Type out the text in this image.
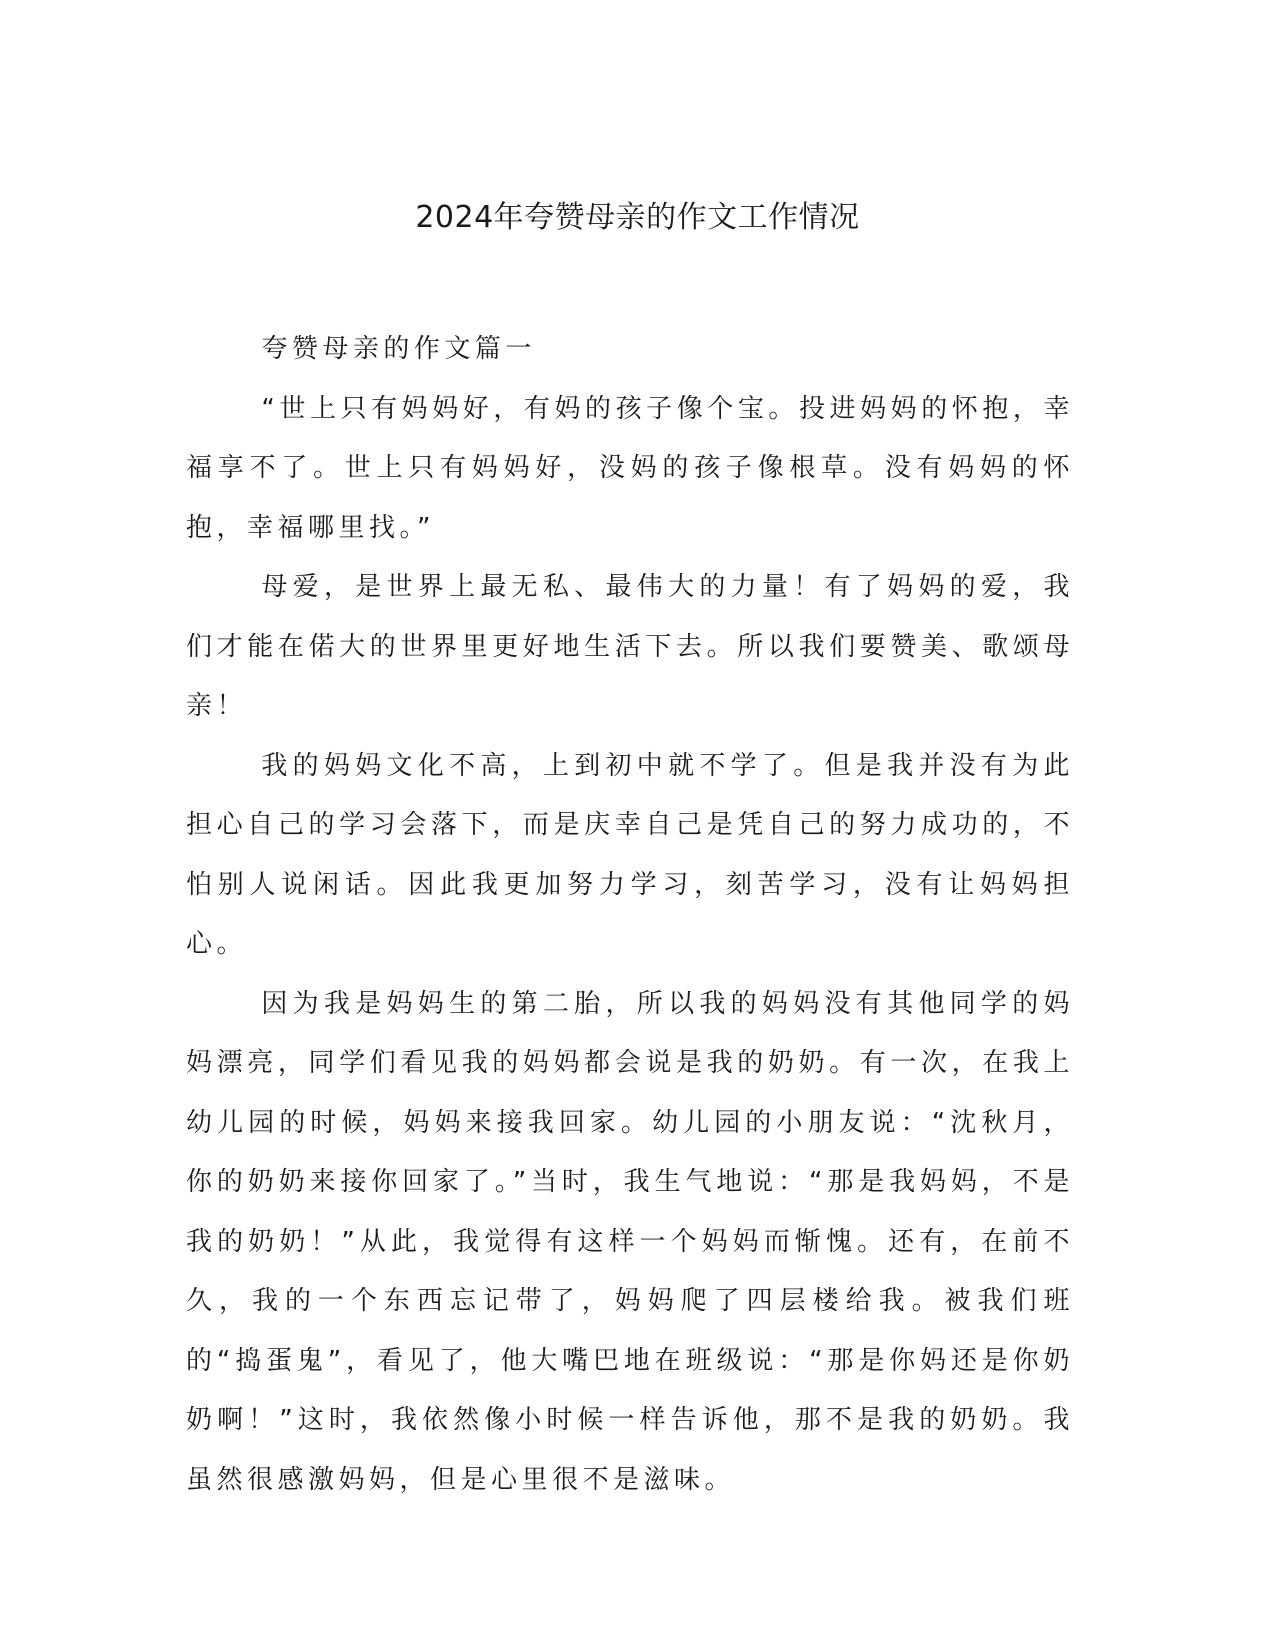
2024年夸赞母亲的作文工作情况

夸赞母亲的作文篇一

“世上只有妈妈好，有妈的孩子像个宝。投进妈妈的怀抱，幸福享不了。世上只有妈妈好，没妈的孩子像根草。没有妈妈的怀抱，幸福哪里找。”

母爱，是世界上最无私、最伟大的力量！有了妈妈的爱，我们才能在偌大的世界里更好地生活下去。所以我们要赞美、歌颂母亲！

我的妈妈文化不高，上到初中就不学了。但是我并没有为此担心自己的学习会落下，而是庆幸自己是凭自己的努力成功的，不怕别人说闲话。因此我更加努力学习，刻苦学习，没有让妈妈担心。

因为我是妈妈生的第二胎，所以我的妈妈没有其他同学的妈妈漂亮，同学们看见我的妈妈都会说是我的奶奶。有一次，在我上幼儿园的时候，妈妈来接我回家。幼儿园的小朋友说：“沈秋月，你的奶奶来接你回家了。”当时，我生气地说：“那是我妈妈，不是我的奶奶！”从此，我觉得有这样一个妈妈而惭愧。还有，在前不久，我的一个东西忘记带了，妈妈爬了四层楼给我。被我们班的“捣蛋鬼”，看见了，他大嘴巴地在班级说：“那是你妈还是你奶奶啊！”这时，我依然像小时候一样告诉他，那不是我的奶奶。我虽然很感激妈妈，但是心里很不是滋味。
